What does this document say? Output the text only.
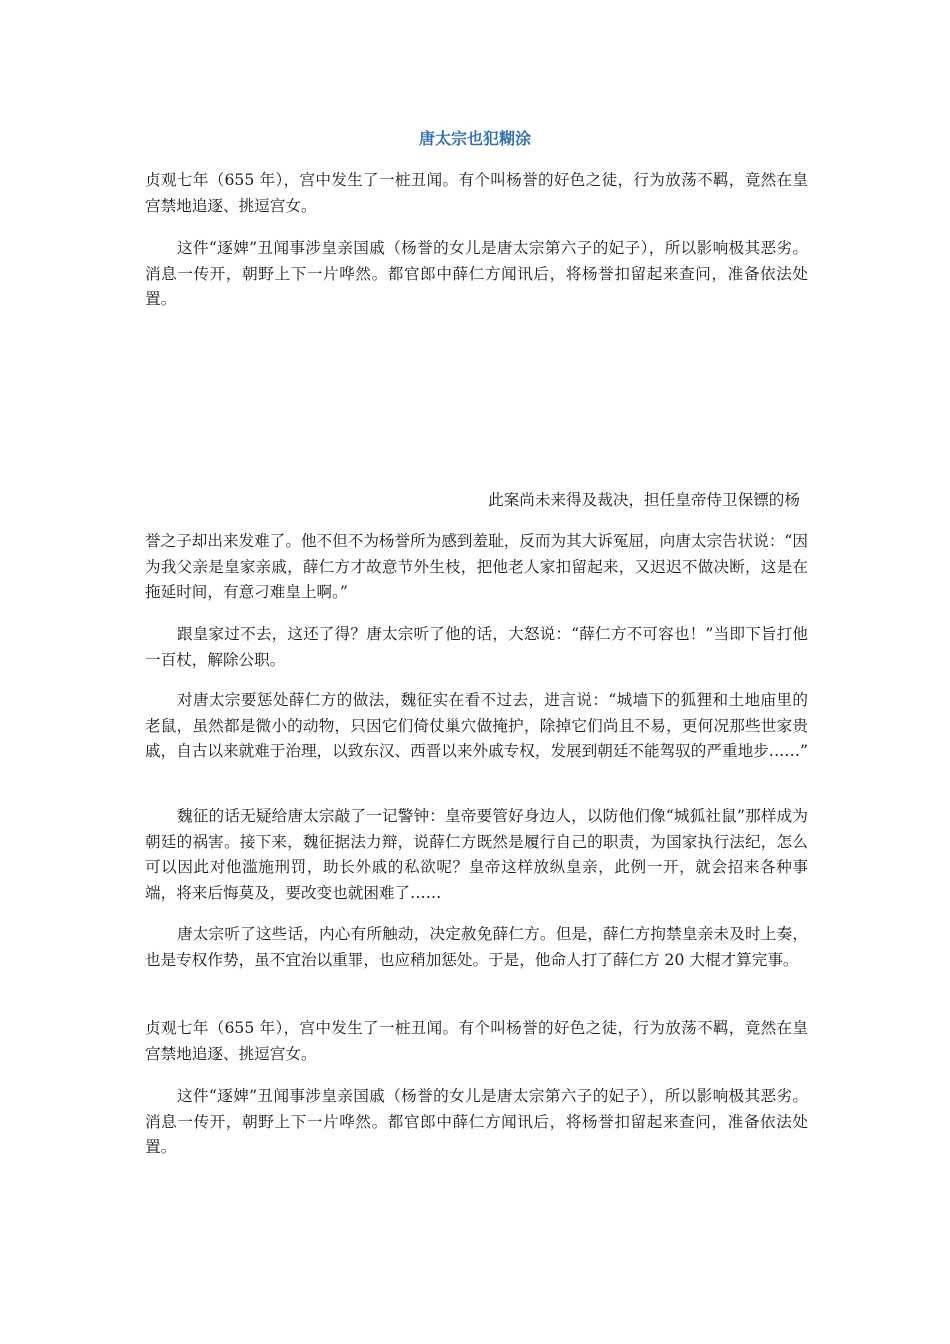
唐太宗也犯糊涂

贞观七年（655 年），宫中发生了一桩丑闻。有个叫杨誉的好色之徒，行为放荡不羁，竟然在皇宫禁地追逐、挑逗宫女。

这件“逐婢”丑闻事涉皇亲国戚（杨誉的女儿是唐太宗第六子的妃子），所以影响极其恶劣。消息一传开，朝野上下一片哗然。都官郎中薛仁方闻讯后，将杨誉扣留起来查问，准备依法处置。

此案尚未来得及裁决，担任皇帝侍卫保镖的杨

誉之子却出来发难了。他不但不为杨誉所为感到羞耻，反而为其大诉冤屈，向唐太宗告状说：“因为我父亲是皇家亲戚，薛仁方才故意节外生枝，把他老人家扣留起来，又迟迟不做决断，这是在拖延时间，有意刁难皇上啊。”

跟皇家过不去，这还了得？唐太宗听了他的话，大怒说：“薛仁方不可容也！”当即下旨打他一百杖，解除公职。

对唐太宗要惩处薛仁方的做法，魏征实在看不过去，进言说：“城墙下的狐狸和土地庙里的老鼠，虽然都是微小的动物，只因它们倚仗巢穴做掩护，除掉它们尚且不易，更何况那些世家贵戚，自古以来就难于治理，以致东汉、西晋以来外戚专权，发展到朝廷不能驾驭的严重地步……”

魏征的话无疑给唐太宗敲了一记警钟：皇帝要管好身边人，以防他们像“城狐社鼠”那样成为朝廷的祸害。接下来，魏征据法力辩，说薛仁方既然是履行自己的职责，为国家执行法纪，怎么可以因此对他滥施刑罚，助长外戚的私欲呢？皇帝这样放纵皇亲，此例一开，就会招来各种事端，将来后悔莫及，要改变也就困难了……

唐太宗听了这些话，内心有所触动，决定赦免薛仁方。但是，薛仁方拘禁皇亲未及时上奏，也是专权作势，虽不宜治以重罪，也应稍加惩处。于是，他命人打了薛仁方 20 大棍才算完事。

贞观七年（655 年），宫中发生了一桩丑闻。有个叫杨誉的好色之徒，行为放荡不羁，竟然在皇宫禁地追逐、挑逗宫女。

这件“逐婢”丑闻事涉皇亲国戚（杨誉的女儿是唐太宗第六子的妃子），所以影响极其恶劣。消息一传开，朝野上下一片哗然。都官郎中薛仁方闻讯后，将杨誉扣留起来查问，准备依法处置。
